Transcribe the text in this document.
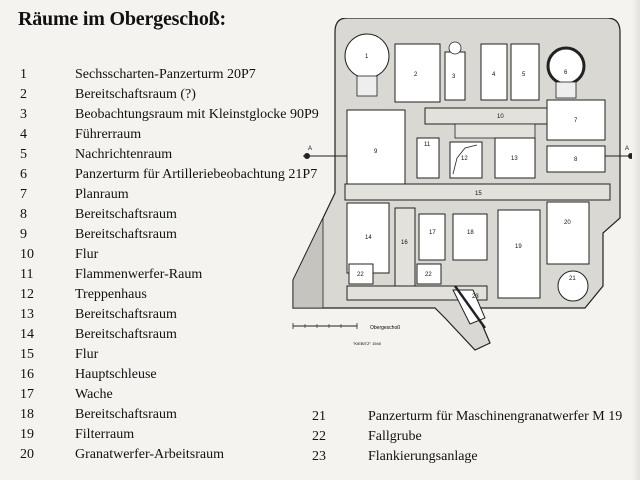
Räume im Obergeschoß:
1	Sechsscharten-Panzerturm 20P7
2	Bereitschaftsraum (?)
3	Beobachtungsraum mit Kleinstglocke 90P9
4	Führerraum
5	Nachrichtenraum
6	Panzerturm für Artilleriebeobachtung 21P7
7	Planraum
8	Bereitschaftsraum
9	Bereitschaftsraum
10	Flur
11	Flammenwerfer-Raum
12	Treppenhaus
13	Bereitschaftsraum
14	Bereitschaftsraum
15	Flur
16	Hauptschleuse
17	Wache
18	Bereitschaftsraum
19	Filterraum
20	Granatwerfer-Arbeitsraum
21	Panzerturm für Maschinengranatwerfer M 19
22	Fallgrube
23	Flankierungsanlage
1
2	3	4	5	6
7
8
9
10
11
12	13
14
15
16
17	18
19
20
21
22	22
23
A	A
Obergeschoß
"KIEBITZ" 1940
